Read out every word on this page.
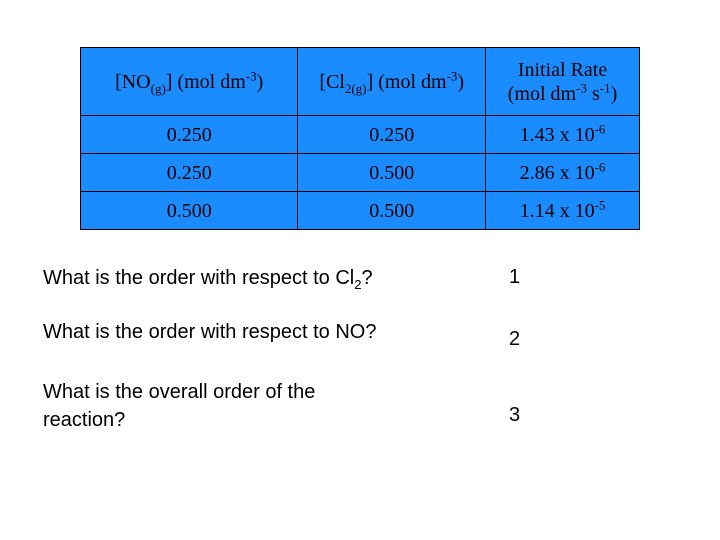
$[NO_{(g)}]$ (mol $dm^{-3}$)	$[Cl_{2(g)}]$ (mol $dm^{-3}$)	Initial Rate
(mol $dm^{-3}$ $s^{-1}$)

0.250	0.250	1.43 x $10^{-6}$
0.250	0.500	2.86 x $10^{-6}$
0.500	0.500	1.14 x $10^{-5}$
What is the order with respect to $Cl_2$?	1
What is the order with respect to NO?	2
What is the overall order of the
reaction?	3
